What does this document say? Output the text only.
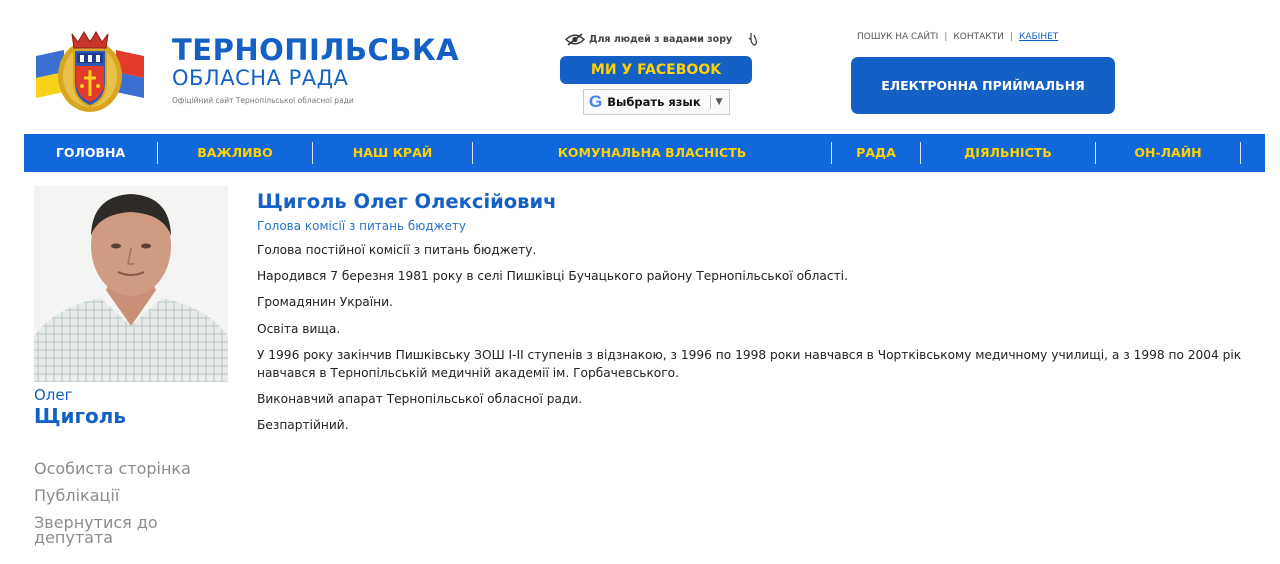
ТЕРНОПІЛЬСЬКА
ОБЛАСНА РАДА
Офіційний сайт Тернопільської обласної ради
Для людей з вадами зору
МИ У FACEBOOK
G Выбрать язык ▼
ПОШУК НА САЙТІ | КОНТАКТИ | КАБІНЕТ
ЕЛЕКТРОННА ПРИЙМАЛЬНЯ
ГОЛОВНА	ВАЖЛИВО	НАШ КРАЙ	КОМУНАЛЬНА ВЛАСНІСТЬ	РАДА	ДІЯЛЬНІСТЬ	ОН-ЛАЙН
Олег
Щиголь
Особиста сторінка
Публікації
Звернутися до депутата
Щиголь Олег Олексійович
Голова комісії з питань бюджету

Голова постійної комісії з питань бюджету.

Народився 7 березня 1981 року в селі Пишківці Бучацького району Тернопільської області.

Громадянин України.

Освіта вища.

У 1996 року закінчив Пишківську ЗОШ І-ІІ ступенів з відзнакою, з 1996 по 1998 роки навчався в Чортківському медичному училищі, а з 1998 по 2004 рік навчався в Тернопільській медичній академії ім. Горбачевського.

Виконавчий апарат Тернопільської обласної ради.

Безпартійний.
